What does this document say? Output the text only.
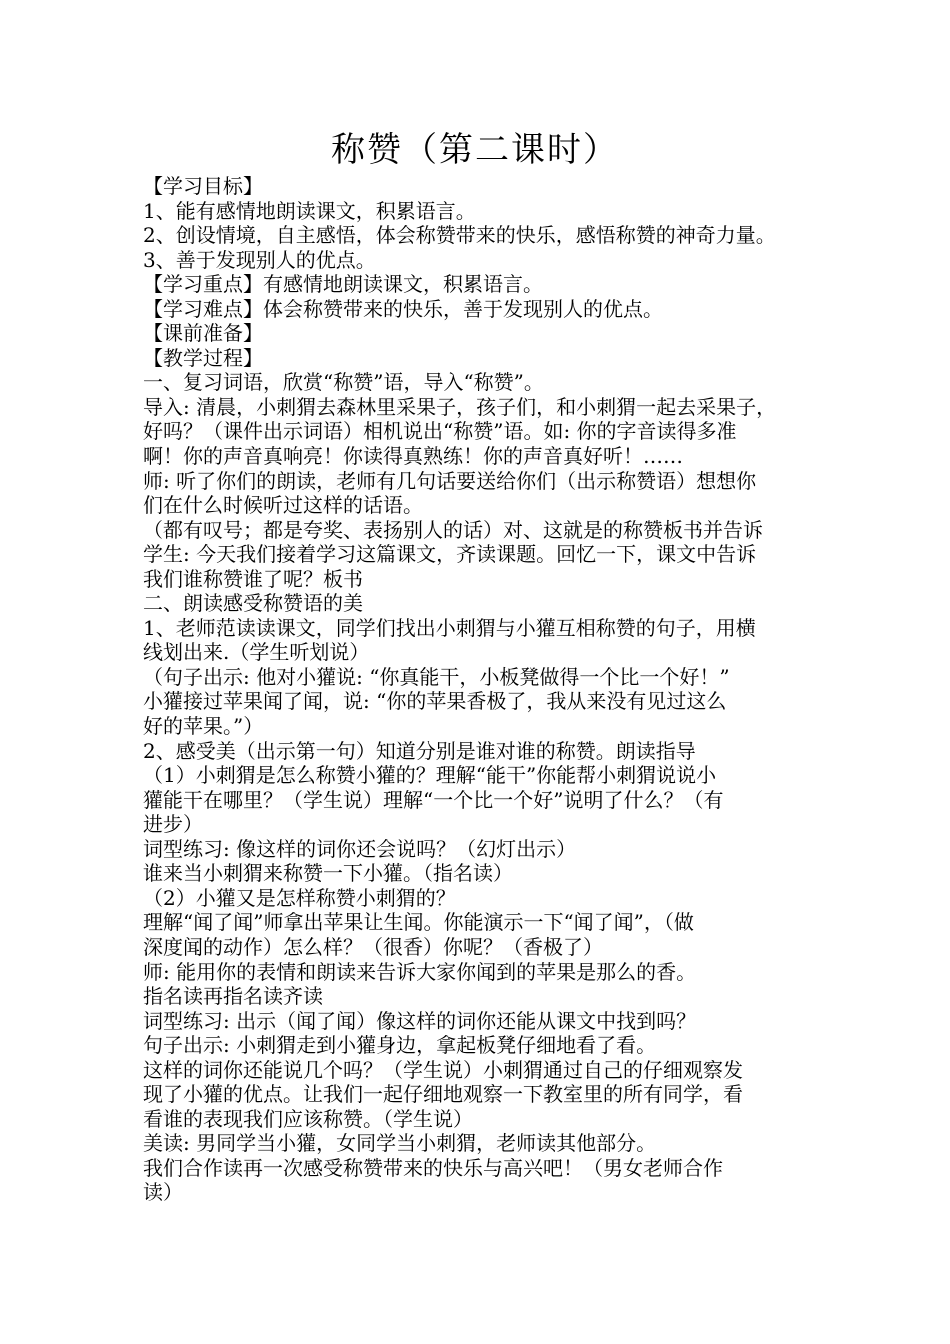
称赞（第二课时）
【学习目标】
1、能有感情地朗读课文，积累语言。
2、创设情境，自主感悟，体会称赞带来的快乐，感悟称赞的神奇力量。
3、善于发现别人的优点。
【学习重点】有感情地朗读课文，积累语言。
【学习难点】体会称赞带来的快乐，善于发现别人的优点。
【课前准备】
【教学过程】
一、复习词语，欣赏“称赞”语，导入“称赞”。
导入: 清晨，小刺猬去森林里采果子，孩子们，和小刺猬一起去采果子，
好吗？（课件出示词语）相机说出“称赞”语。如: 你的字音读得多准
啊！你的声音真响亮！你读得真熟练！你的声音真好听！……
师: 听了你们的朗读，老师有几句话要送给你们（出示称赞语）想想你
们在什么时候听过这样的话语。
（都有叹号；都是夸奖、表扬别人的话）对、这就是的称赞板书并告诉
学生: 今天我们接着学习这篇课文，齐读课题。回忆一下，课文中告诉
我们谁称赞谁了呢？板书
二、朗读感受称赞语的美
1、老师范读读课文，同学们找出小刺猬与小獾互相称赞的句子，用横
线划出来.（学生听划说）
（句子出示: 他对小獾说: “你真能干，小板凳做得一个比一个好！”
小獾接过苹果闻了闻，说: “你的苹果香极了，我从来没有见过这么
好的苹果。”）
2、感受美（出示第一句）知道分别是谁对谁的称赞。朗读指导
（1）小刺猬是怎么称赞小獾的？理解“能干”你能帮小刺猬说说小
獾能干在哪里？（学生说）理解“一个比一个好”说明了什么？（有
进步）
词型练习: 像这样的词你还会说吗？（幻灯出示）
谁来当小刺猬来称赞一下小獾。（指名读）
（2）小獾又是怎样称赞小刺猬的？
理解“闻了闻”师拿出苹果让生闻。你能演示一下“闻了闻”，（做
深度闻的动作）怎么样？（很香）你呢？（香极了）
师: 能用你的表情和朗读来告诉大家你闻到的苹果是那么的香。
指名读再指名读齐读
词型练习: 出示（闻了闻）像这样的词你还能从课文中找到吗？
句子出示: 小刺猬走到小獾身边，拿起板凳仔细地看了看。
这样的词你还能说几个吗？（学生说）小刺猬通过自己的仔细观察发
现了小獾的优点。让我们一起仔细地观察一下教室里的所有同学，看
看谁的表现我们应该称赞。（学生说）
美读: 男同学当小獾，女同学当小刺猬，老师读其他部分。
我们合作读再一次感受称赞带来的快乐与高兴吧！（男女老师合作
读）
